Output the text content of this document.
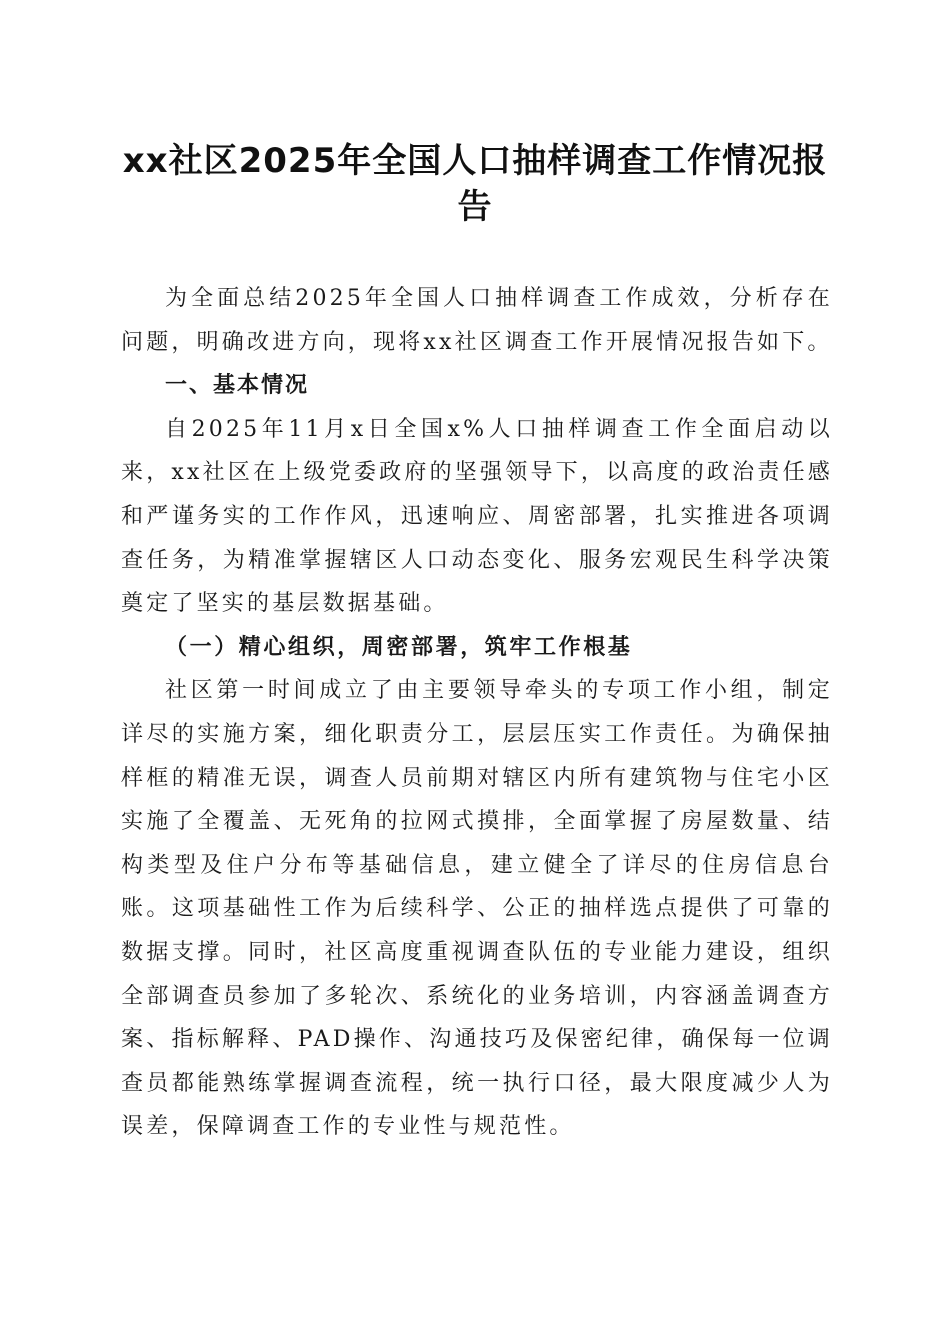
xx社区2025年全国人口抽样调查工作情况报告

为全面总结2025年全国人口抽样调查工作成效，分析存在问题，明确改进方向，现将xx社区调查工作开展情况报告如下。

一、基本情况

自2025年11月x日全国x%人口抽样调查工作全面启动以来，xx社区在上级党委政府的坚强领导下，以高度的政治责任感和严谨务实的工作作风，迅速响应、周密部署，扎实推进各项调查任务，为精准掌握辖区人口动态变化、服务宏观民生科学决策奠定了坚实的基层数据基础。

（一）精心组织，周密部署，筑牢工作根基

社区第一时间成立了由主要领导牵头的专项工作小组，制定详尽的实施方案，细化职责分工，层层压实工作责任。为确保抽样框的精准无误，调查人员前期对辖区内所有建筑物与住宅小区实施了全覆盖、无死角的拉网式摸排，全面掌握了房屋数量、结构类型及住户分布等基础信息，建立健全了详尽的住房信息台账。这项基础性工作为后续科学、公正的抽样选点提供了可靠的数据支撑。同时，社区高度重视调查队伍的专业能力建设，组织全部调查员参加了多轮次、系统化的业务培训，内容涵盖调查方案、指标解释、PAD操作、沟通技巧及保密纪律，确保每一位调查员都能熟练掌握调查流程，统一执行口径，最大限度减少人为误差，保障调查工作的专业性与规范性。
